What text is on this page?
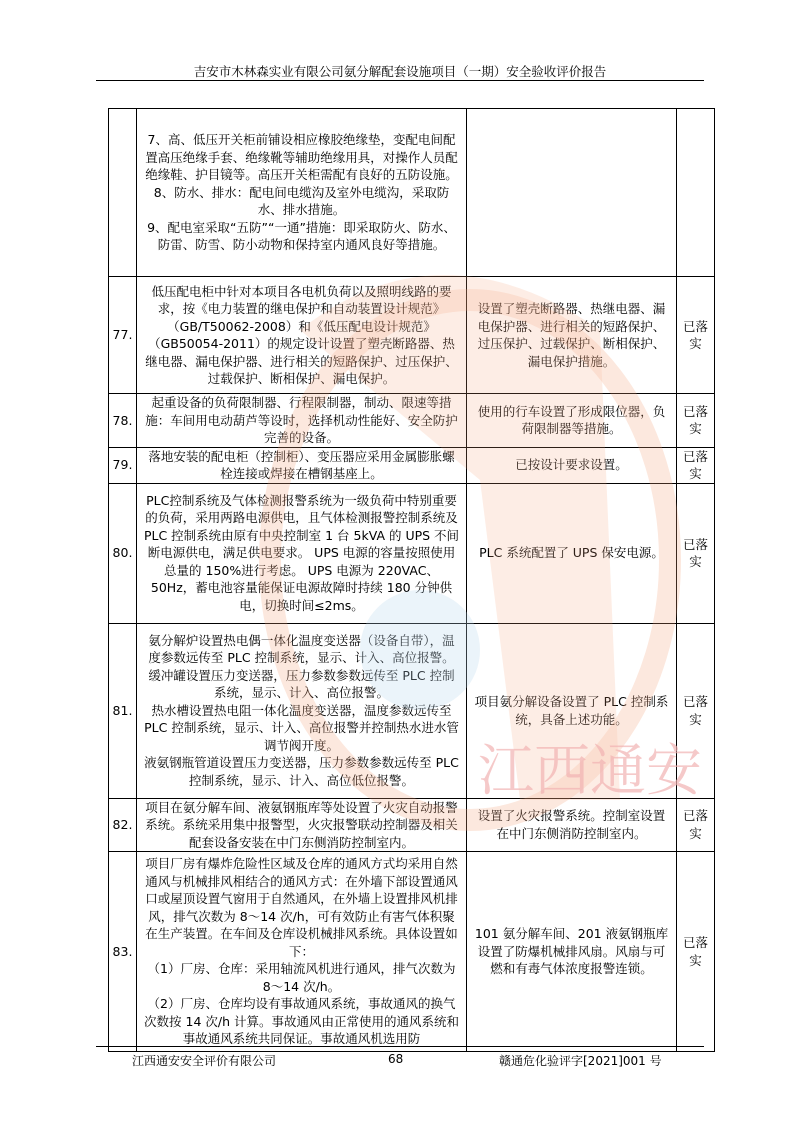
吉安市木林森实业有限公司氨分解配套设施项目（一期）安全验收评价报告

	7、高、低压开关柜前铺设相应橡胶绝缘垫，变配电间配置高压绝缘手套、绝缘靴等辅助绝缘用具，对操作人员配绝缘鞋、护目镜等。高压开关柜需配有良好的五防设施。

8、防水、排水：配电间电缆沟及室外电缆沟，采取防水、排水措施。

9、配电室采取“五防”“一通”措施：即采取防火、防水、防雷、防雪、防小动物和保持室内通风良好等措施。		

77.	低压配电柜中针对本项目各电机负荷以及照明线路的要求，按《电力装置的继电保护和自动装置设计规范》（GB/T50062-2008）和《低压配电设计规范》（GB50054-2011）的规定设计设置了塑壳断路器、热继电器、漏电保护器、进行相关的短路保护、过压保护、过载保护、断相保护、漏电保护。	设置了塑壳断路器、热继电器、漏电保护器、进行相关的短路保护、过压保护、过载保护、断相保护、漏电保护措施。	已落实
78.	起重设备的负荷限制器、行程限制器，制动、限速等措施：车间用电动葫芦等设时，选择机动性能好、安全防护完善的设备。	使用的行车设置了形成限位器，负荷限制器等措施。	已落实
79.	落地安装的配电柜（控制柜）、变压器应采用金属膨胀螺栓连接或焊接在槽钢基座上。	已按设计要求设置。	已落实
80.	PLC控制系统及气体检测报警系统为一级负荷中特别重要的负荷，采用两路电源供电，且气体检测报警控制系统及 PLC 控制系统由原有中央控制室 1 台 5kVA 的 UPS 不间断电源供电，满足供电要求。 UPS 电源的容量按照使用总量的 150%进行考虑。 UPS 电源为 220VAC、 50Hz，蓄电池容量能保证电源故障时持续 180 分钟供电，切换时间≤2ms。	PLC 系统配置了 UPS 保安电源。	已落实
81.	氨分解炉设置热电偶一体化温度变送器（设备自带），温度参数远传至 PLC 控制系统，显示、计入、高位报警。

缓冲罐设置压力变送器，压力参数参数远传至 PLC 控制系统，显示、计入、高位报警。

热水槽设置热电阻一体化温度变送器，温度参数远传至 PLC 控制系统，显示、计入、高位报警并控制热水进水管调节阀开度。

液氨钢瓶管道设置压力变送器，压力参数参数远传至 PLC 控制系统，显示、计入、高位低位报警。	项目氨分解设备设置了 PLC 控制系统，具备上述功能。	已落实
82.	项目在氨分解车间、液氨钢瓶库等处设置了火灾自动报警系统。系统采用集中报警型，火灾报警联动控制器及相关配套设备安装在中门东侧消防控制室内。	设置了火灾报警系统。控制室设置在中门东侧消防控制室内。	已落实
83.	项目厂房有爆炸危险性区域及仓库的通风方式均采用自然通风与机械排风相结合的通风方式：在外墙下部设置通风口或屋顶设置气窗用于自然通风，在外墙上设置排风机排风，排气次数为 8～14 次/h，可有效防止有害气体积聚在生产装置。在车间及仓库设机械排风系统。具体设置如下：

（1）厂房、仓库：采用轴流风机进行通风，排气次数为 8～14 次/h。

（2）厂房、仓库均设有事故通风系统，事故通风的换气次数按 14 次/h 计算。事故通风由正常使用的通风系统和事故通风系统共同保证。事故通风机选用防	101 氨分解车间、201 液氨钢瓶库设置了防爆机械排风扇。风扇与可燃和有毒气体浓度报警连锁。	已落实
江西通安
江西通安安全评价有限公司	68	赣通危化验评字[2021]001 号
